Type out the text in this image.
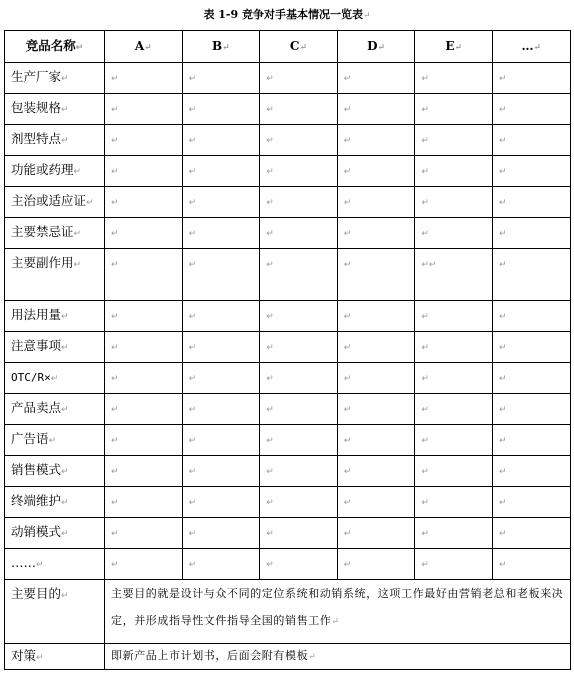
表 1-9 竞争对手基本情况一览表↵
竞品名称↵	A↵	B↵	C↵	D↵	E↵	…↵
生产厂家↵	↵	↵	↵	↵	↵	↵
包装规格↵	↵	↵	↵	↵	↵	↵
剂型特点↵	↵	↵	↵	↵	↵	↵
功能或药理↵	↵	↵	↵	↵	↵	↵
主治或适应证↵	↵	↵	↵	↵	↵	↵
主要禁忌证↵	↵	↵	↵	↵	↵	↵
主要副作用↵	↵	↵	↵	↵	↵↵	↵
用法用量↵	↵	↵	↵	↵	↵	↵
注意事项↵	↵	↵	↵	↵	↵	↵
OTC/R×↵	↵	↵	↵	↵	↵	↵
产品卖点↵	↵	↵	↵	↵	↵	↵
广告语↵	↵	↵	↵	↵	↵	↵
销售模式↵	↵	↵	↵	↵	↵	↵
终端维护↵	↵	↵	↵	↵	↵	↵
动销模式↵	↵	↵	↵	↵	↵	↵
……↵	↵	↵	↵	↵	↵	↵
主要目的↵	主要目的就是设计与众不同的定位系统和动销系统，这项工作最好由营销老总和老板来决定，并形成指导性文件指导全国的销售工作↵					
对策↵	即新产品上市计划书，后面会附有模板↵					
